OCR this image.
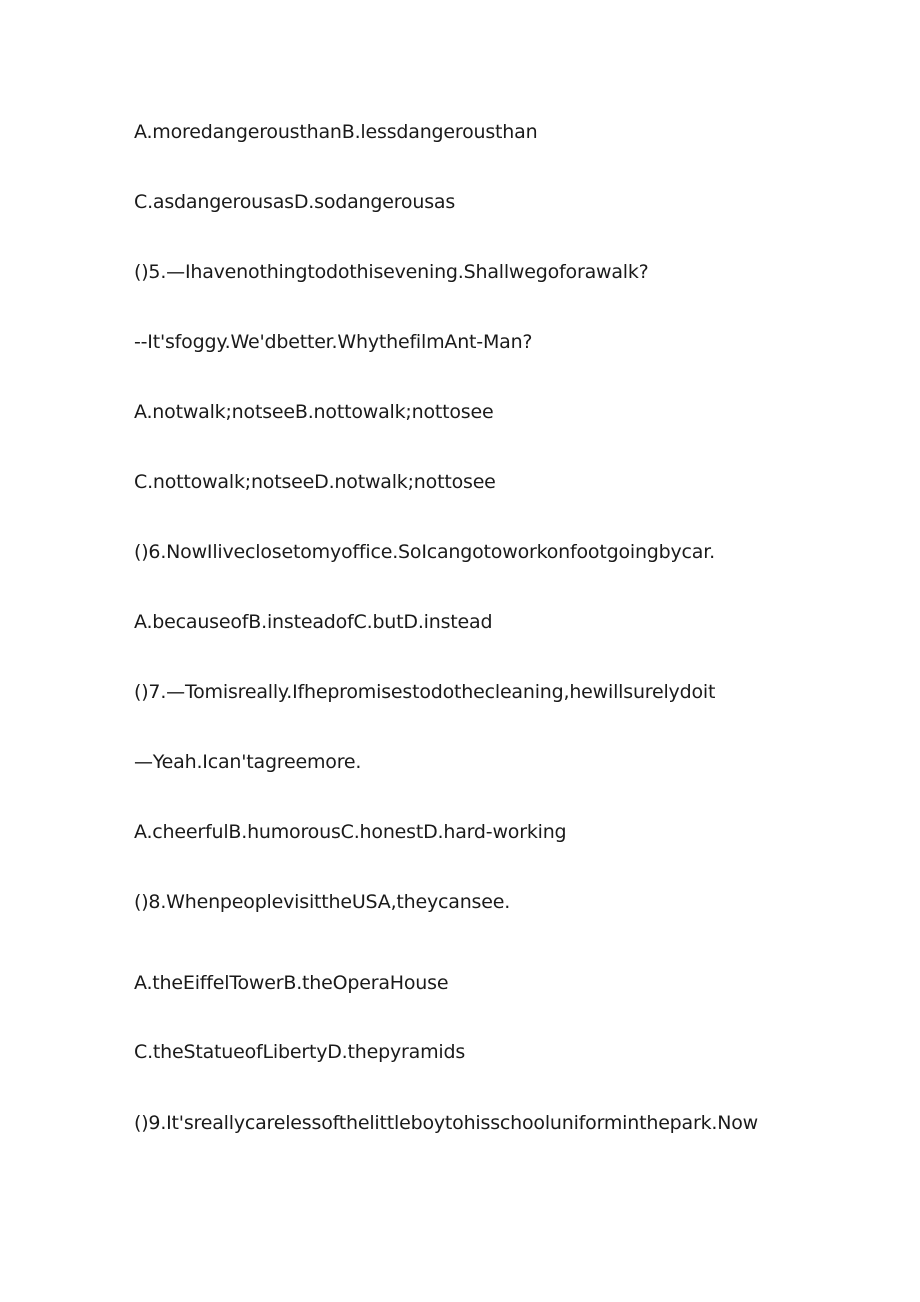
A.moredangerousthanB.lessdangerousthan
C.asdangerousasD.sodangerousas
()5.—Ihavenothingtodothisevening.Shallwegoforawalk?
--It'sfoggy.We'dbetter.WhythefilmAnt-Man?
A.notwalk;notseeB.nottowalk;nottosee
C.nottowalk;notseeD.notwalk;nottosee
()6.NowIliveclosetomyoffice.SoIcangotoworkonfootgoingbycar.
A.becauseofB.insteadofC.butD.instead
()7.—Tomisreally.Ifhepromisestodothecleaning,hewillsurelydoit
—Yeah.Ican'tagreemore.
A.cheerfulB.humorousC.honestD.hard-working
()8.WhenpeoplevisittheUSA,theycansee.
A.theEiffelTowerB.theOperaHouse
C.theStatueofLibertyD.thepyramids
()9.It'sreallycarelessofthelittleboytohisschooluniforminthepark.Now
